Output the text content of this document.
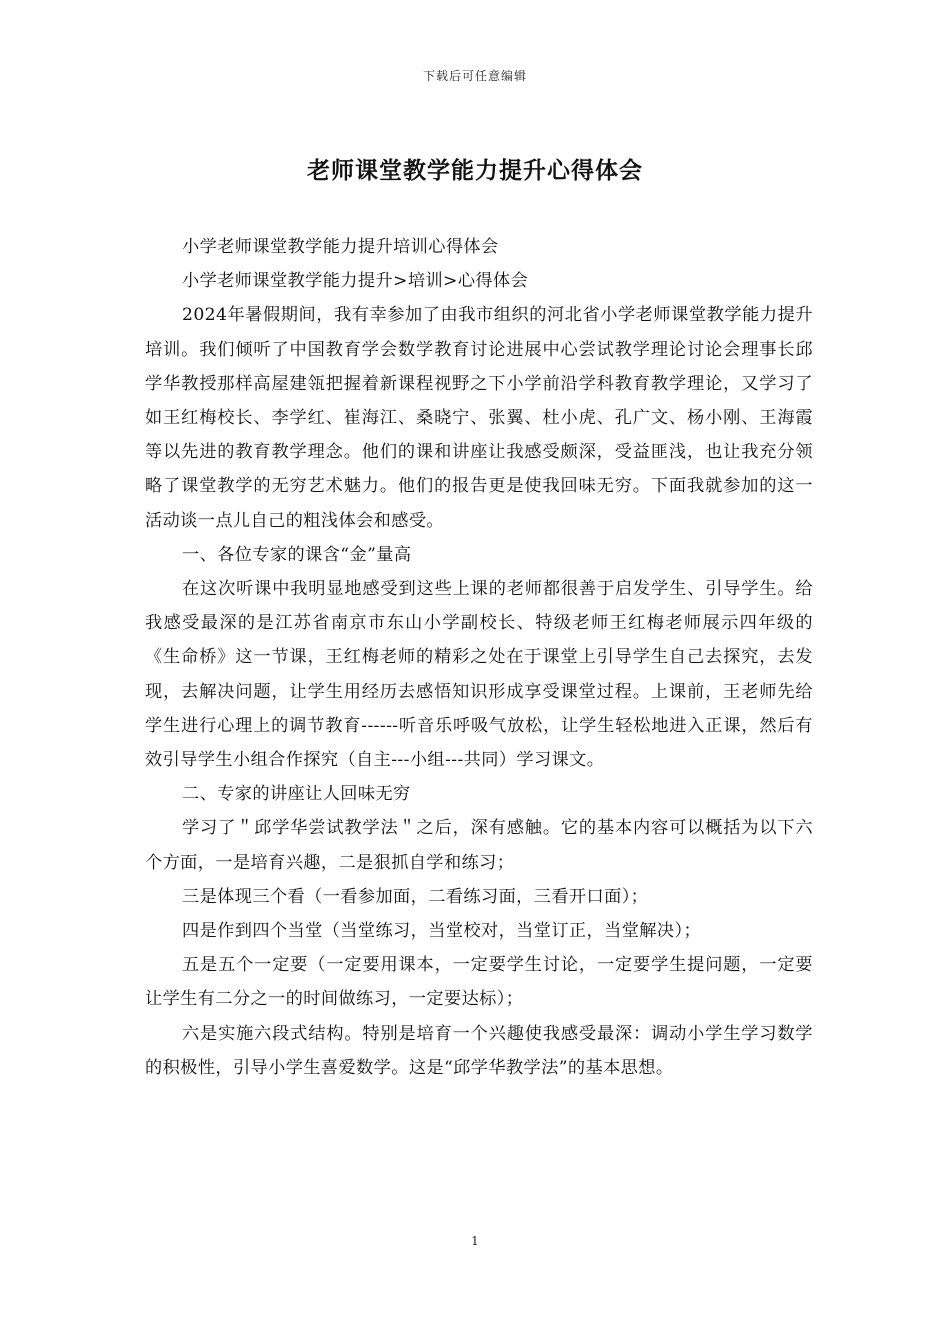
下载后可任意编辑
老师课堂教学能力提升心得体会

小学老师课堂教学能力提升培训心得体会

小学老师课堂教学能力提升>培训>心得体会

2024年暑假期间，我有幸参加了由我市组织的河北省小学老师课堂教学能力提升培训。我们倾听了中国教育学会数学教育讨论进展中心尝试教学理论讨论会理事长邱学华教授那样高屋建瓴把握着新课程视野之下小学前沿学科教育教学理论，又学习了如王红梅校长、李学红、崔海江、桑晓宁、张翼、杜小虎、孔广文、杨小刚、王海霞等以先进的教育教学理念。他们的课和讲座让我感受颇深，受益匪浅，也让我充分领略了课堂教学的无穷艺术魅力。他们的报告更是使我回味无穷。下面我就参加的这一活动谈一点儿自己的粗浅体会和感受。

一、各位专家的课含“金”量高

在这次听课中我明显地感受到这些上课的老师都很善于启发学生、引导学生。给我感受最深的是江苏省南京市东山小学副校长、特级老师王红梅老师展示四年级的《生命桥》这一节课，王红梅老师的精彩之处在于课堂上引导学生自己去探究，去发现，去解决问题，让学生用经历去感悟知识形成享受课堂过程。上课前，王老师先给学生进行心理上的调节教育------听音乐呼吸气放松，让学生轻松地进入正课，然后有效引导学生小组合作探究（自主---小组---共同）学习课文。

二、专家的讲座让人回味无穷

学习了＂邱学华尝试教学法＂之后，深有感触。它的基本内容可以概括为以下六个方面，一是培育兴趣，二是狠抓自学和练习；

三是体现三个看（一看参加面，二看练习面，三看开口面）；

四是作到四个当堂（当堂练习，当堂校对，当堂订正，当堂解决）；

五是五个一定要（一定要用课本，一定要学生讨论，一定要学生提问题，一定要让学生有二分之一的时间做练习，一定要达标）；

六是实施六段式结构。特别是培育一个兴趣使我感受最深：调动小学生学习数学的积极性，引导小学生喜爱数学。这是“邱学华教学法”的基本思想。

1
